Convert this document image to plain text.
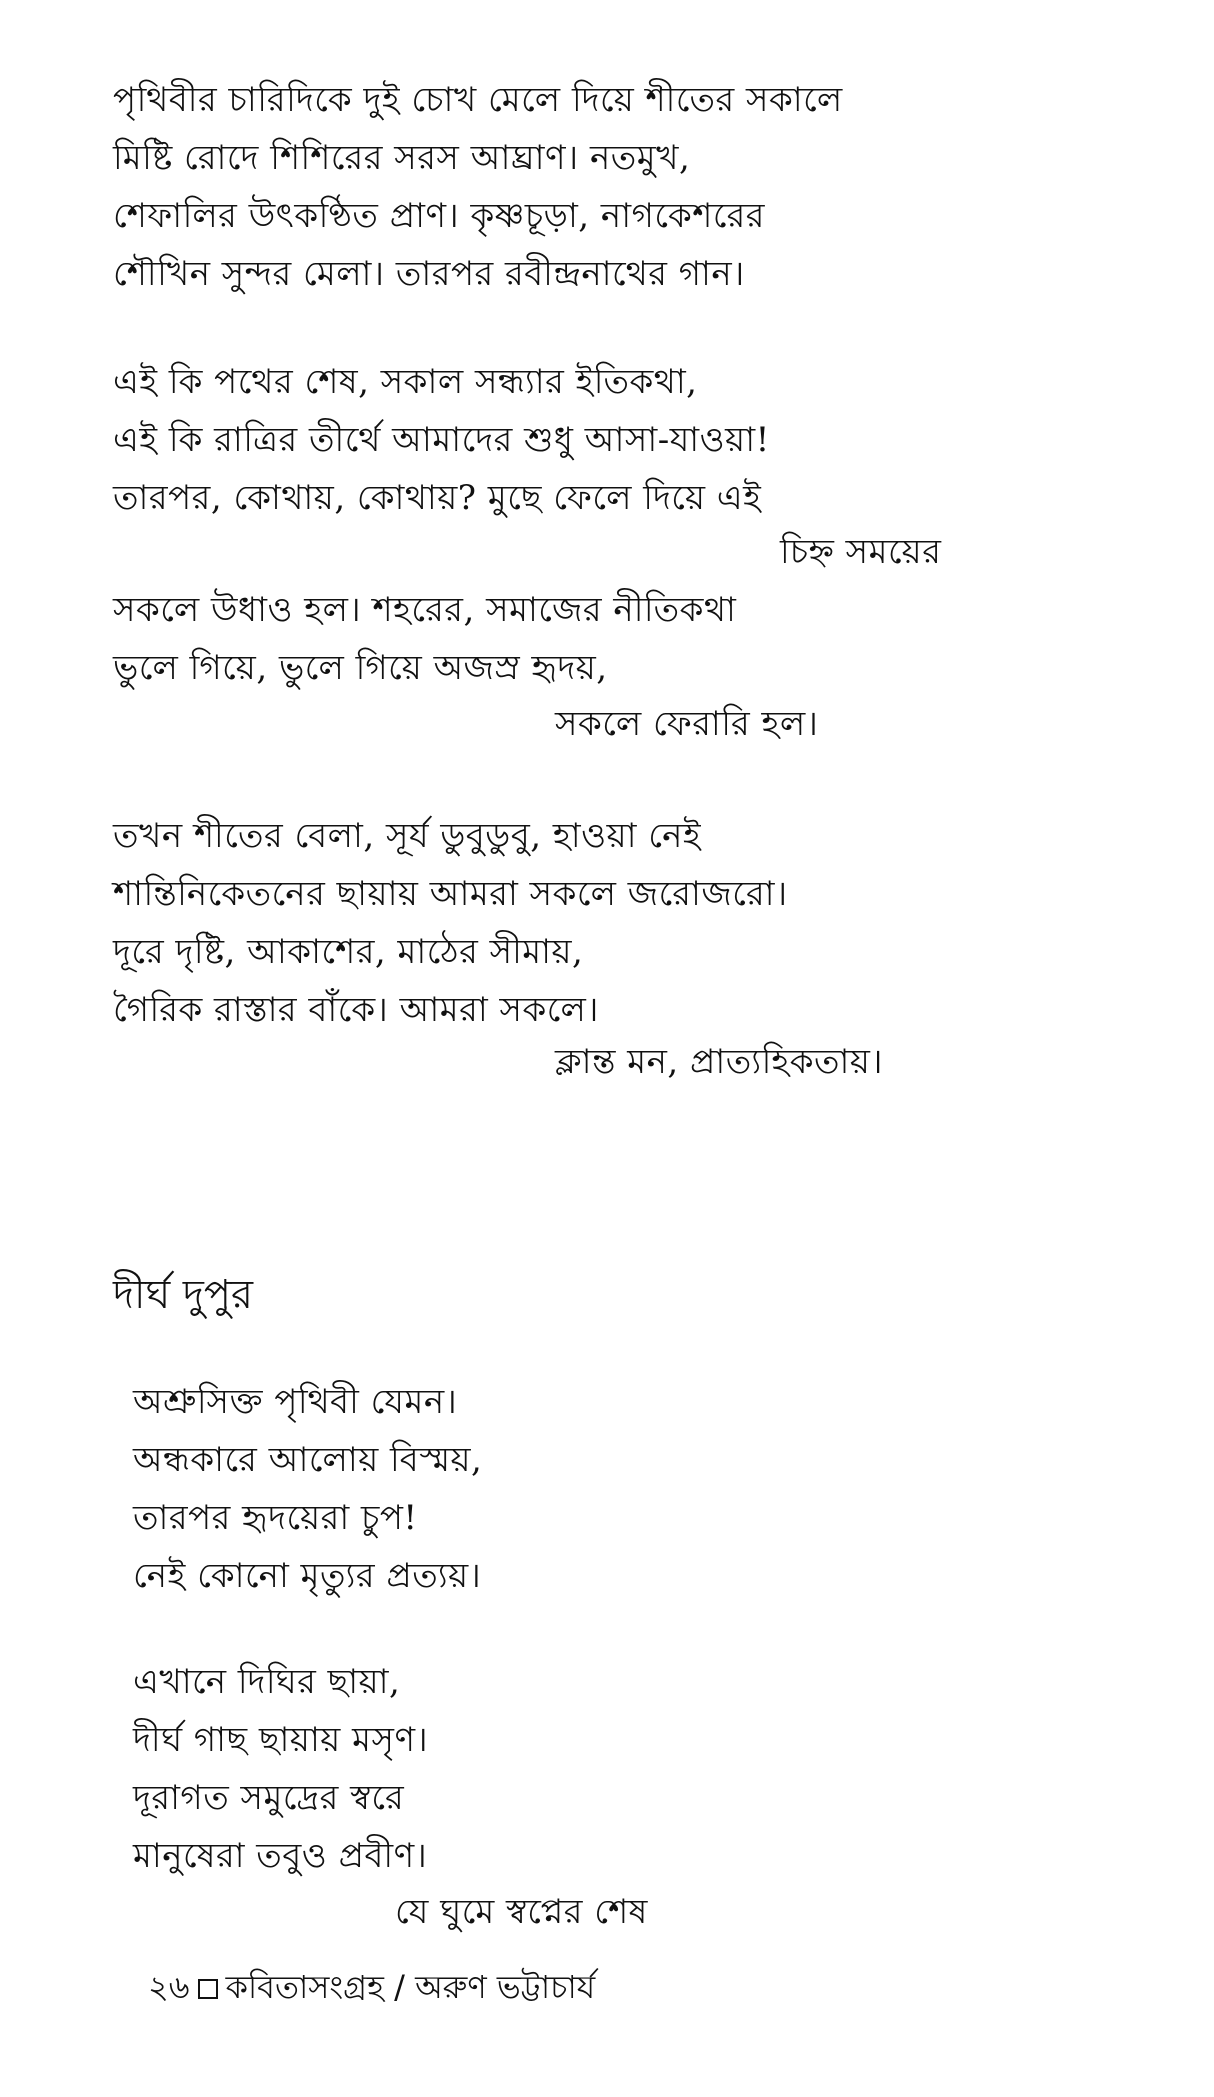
পৃথিবীর চারিদিকে দুই চোখ মেলে দিয়ে শীতের সকালে
মিষ্টি রোদে শিশিরের সরস আঘ্রাণ। নতমুখ,
শেফালির উৎকণ্ঠিত প্রাণ। কৃষ্ণচূড়া, নাগকেশরের
শৌখিন সুন্দর মেলা। তারপর রবীন্দ্রনাথের গান।
এই কি পথের শেষ, সকাল সন্ধ্যার ইতিকথা,
এই কি রাত্রির তীর্থে আমাদের শুধু আসা-যাওয়া!
তারপর, কোথায়, কোথায়? মুছে ফেলে দিয়ে এই
চিহ্ন সময়ের
সকলে উধাও হল। শহরের, সমাজের নীতিকথা
ভুলে গিয়ে, ভুলে গিয়ে অজস্র হৃদয়,
সকলে ফেরারি হল।
তখন শীতের বেলা, সূর্য ডুবুডুবু, হাওয়া নেই
শান্তিনিকেতনের ছায়ায় আমরা সকলে জরোজরো।
দূরে দৃষ্টি, আকাশের, মাঠের সীমায়,
গৈরিক রাস্তার বাঁকে। আমরা সকলে।
ক্লান্ত মন, প্রাত্যহিকতায়।
দীর্ঘ দুপুর
অশ্রুসিক্ত পৃথিবী যেমন।
অন্ধকারে আলোয় বিস্ময়,
তারপর হৃদয়েরা চুপ!
নেই কোনো মৃত্যুর প্রত্যয়।
এখানে দিঘির ছায়া,
দীর্ঘ গাছ ছায়ায় মসৃণ।
দূরাগত সমুদ্রের স্বরে
মানুষেরা তবুও প্রবীণ।
যে ঘুমে স্বপ্নের শেষ
২৬ কবিতাসংগ্রহ / অরুণ ভট্টাচার্য
